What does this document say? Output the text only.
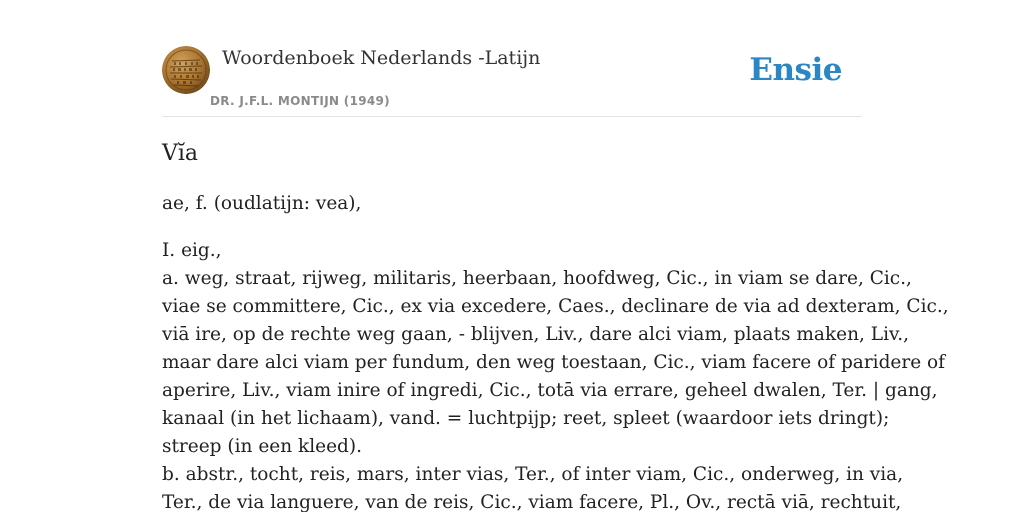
Woordenboek Nederlands -Latijn
DR. J.F.L. MONTIJN (1949)
Ensie
Vĭa

ae, f. (oudlatijn: vea),

I. eig.,
a. weg, straat, rijweg, militaris, heerbaan, hoofdweg, Cic., in viam se dare, Cic.,
viae se committere, Cic., ex via excedere, Caes., declinare de via ad dexteram, Cic.,
viā ire, op de rechte weg gaan, - blijven, Liv., dare alci viam, plaats maken, Liv.,
maar dare alci viam per fundum, den weg toestaan, Cic., viam facere of paridere of
aperire, Liv., viam inire of ingredi, Cic., totā via errare, geheel dwalen, Ter. | gang,
kanaal (in het lichaam), vand. = luchtpijp; reet, spleet (waardoor iets dringt);
streep (in een kleed).
b. abstr., tocht, reis, mars, inter vias, Ter., of inter viam, Cic., onderweg, in via,
Ter., de via languere, van de reis, Cic., viam facere, Pl., Ov., rectā viā, rechtuit,
